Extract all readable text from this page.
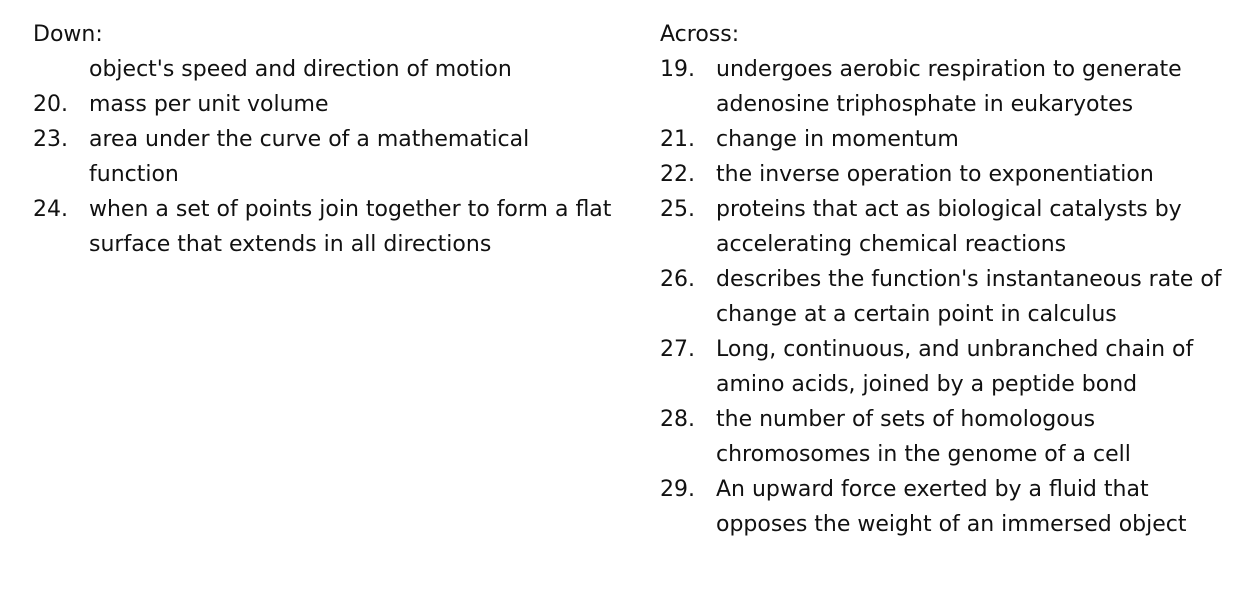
Down:
object's speed and direction of motion
20. mass per unit volume
23. area under the curve of a mathematical function
24. when a set of points join together to form a flat surface that extends in all directions
Across:
19. undergoes aerobic respiration to generate adenosine triphosphate in eukaryotes
21. change in momentum
22. the inverse operation to exponentiation
25. proteins that act as biological catalysts by accelerating chemical reactions
26. describes the function's instantaneous rate of change at a certain point in calculus
27. Long, continuous, and unbranched chain of amino acids, joined by a peptide bond
28. the number of sets of homologous chromosomes in the genome of a cell
29. An upward force exerted by a fluid that opposes the weight of an immersed object
